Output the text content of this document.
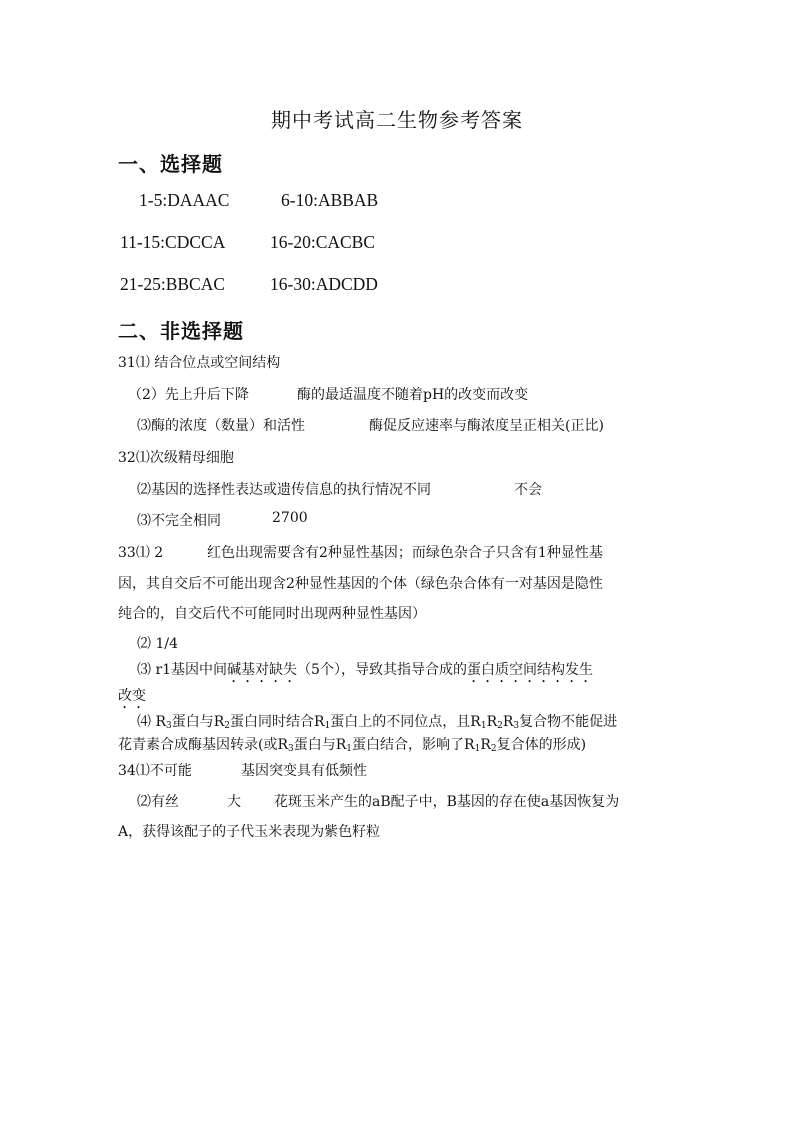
期中考试高二生物参考答案
一、选择题
1-5:DAAAC	6-10:ABBAB
11-15:CDCCA	16-20:CACBC
21-25:BBCAC	16-30:ADCDD
二、非选择题
31⑴ 结合位点或空间结构
（2）先上升后下降	酶的最适温度不随着pH的改变而改变
⑶酶的浓度（数量）和活性	酶促反应速率与酶浓度呈正相关(正比)
32⑴次级精母细胞
⑵基因的选择性表达或遗传信息的执行情况不同	不会
⑶不完全相同	2700
33⑴ 2	红色出现需要含有2种显性基因；而绿色杂合子只含有1种显性基
因，其自交后不可能出现含2种显性基因的个体（绿色杂合体有一对基因是隐性
纯合的，自交后代不可能同时出现两种显性基因）
⑵ 1/4
⑶ r1基因中间碱基对缺失（5个），导致其指导合成的蛋白质空间结构发生
改变
⑷ $R_3$蛋白与$R_2$蛋白同时结合$R_1$蛋白上的不同位点，且$R_1R_2R_3$复合物不能促进
花青素合成酶基因转录(或$R_3$蛋白与$R_1$蛋白结合，影响了$R_1R_2$复合体的形成)
34⑴不可能	基因突变具有低频性
⑵有丝	大 花斑玉米产生的aB配子中，B基因的存在使a基因恢复为
A，获得该配子的子代玉米表现为紫色籽粒
